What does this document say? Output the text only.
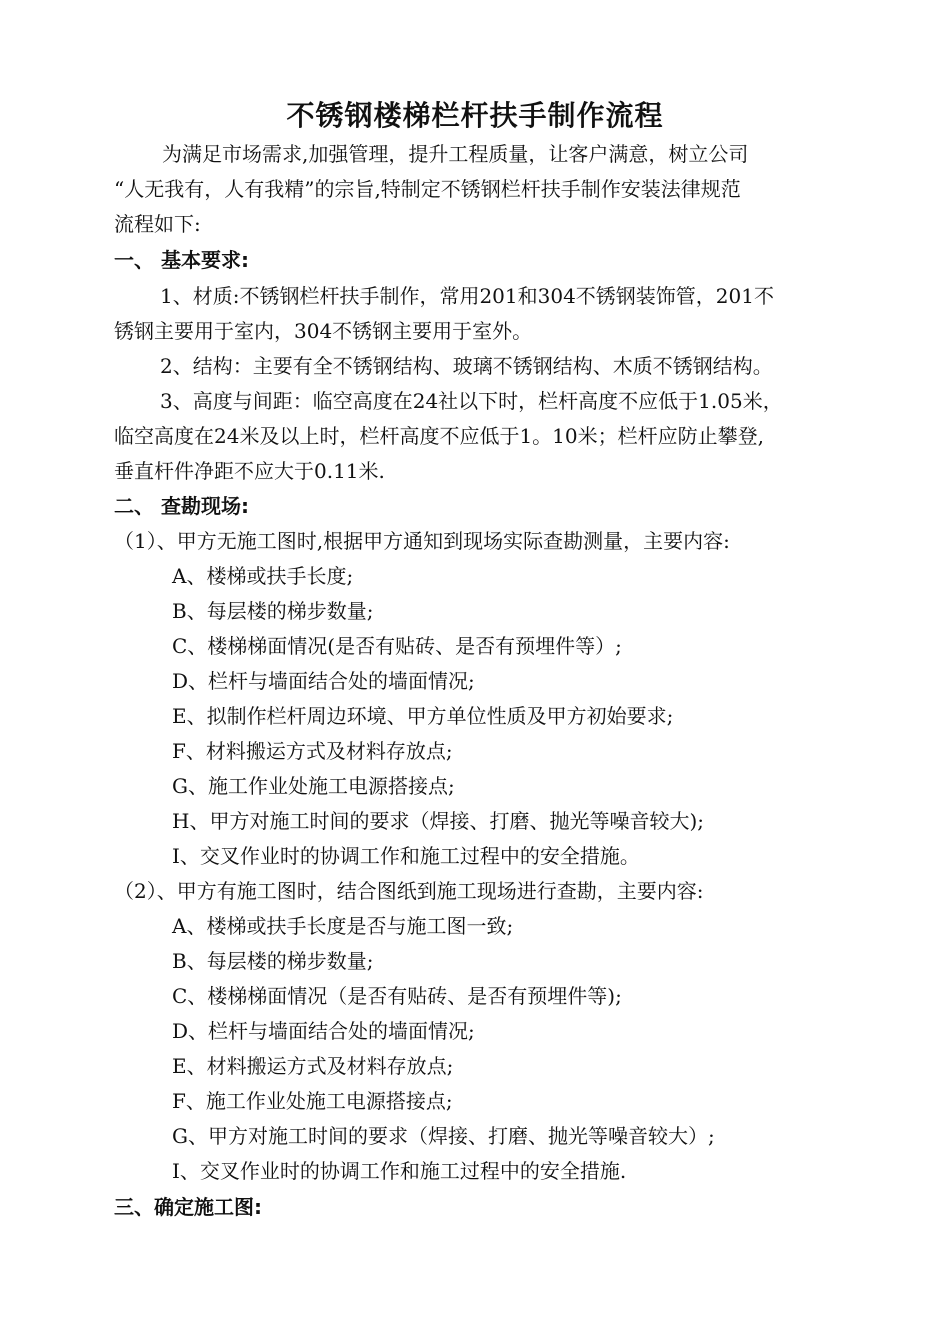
不锈钢楼梯栏杆扶手制作流程
为满足市场需求,加强管理，提升工程质量，让客户满意，树立公司
“人无我有，人有我精”的宗旨,特制定不锈钢栏杆扶手制作安装法律规范
流程如下:
一、 基本要求:
1、材质:不锈钢栏杆扶手制作，常用201和304不锈钢装饰管，201不
锈钢主要用于室内，304不锈钢主要用于室外。
2、结构：主要有全不锈钢结构、玻璃不锈钢结构、木质不锈钢结构。
3、高度与间距：临空高度在24社以下时，栏杆高度不应低于1.05米，
临空高度在24米及以上时，栏杆高度不应低于1。10米；栏杆应防止攀登,
垂直杆件净距不应大于0.11米.
二、 查勘现场:
（1）、甲方无施工图时,根据甲方通知到现场实际查勘测量，主要内容:
A、楼梯或扶手长度;
B、每层楼的梯步数量;
C、楼梯梯面情况(是否有贴砖、是否有预埋件等）;
D、栏杆与墙面结合处的墙面情况;
E、拟制作栏杆周边环境、甲方单位性质及甲方初始要求;
F、材料搬运方式及材料存放点;
G、施工作业处施工电源搭接点;
H、甲方对施工时间的要求（焊接、打磨、抛光等噪音较大);
I、交叉作业时的协调工作和施工过程中的安全措施。
（2）、甲方有施工图时，结合图纸到施工现场进行查勘，主要内容:
A、楼梯或扶手长度是否与施工图一致;
B、每层楼的梯步数量;
C、楼梯梯面情况（是否有贴砖、是否有预埋件等);
D、栏杆与墙面结合处的墙面情况;
E、材料搬运方式及材料存放点;
F、施工作业处施工电源搭接点;
G、甲方对施工时间的要求（焊接、打磨、抛光等噪音较大）;
I、交叉作业时的协调工作和施工过程中的安全措施.
三、确定施工图:
